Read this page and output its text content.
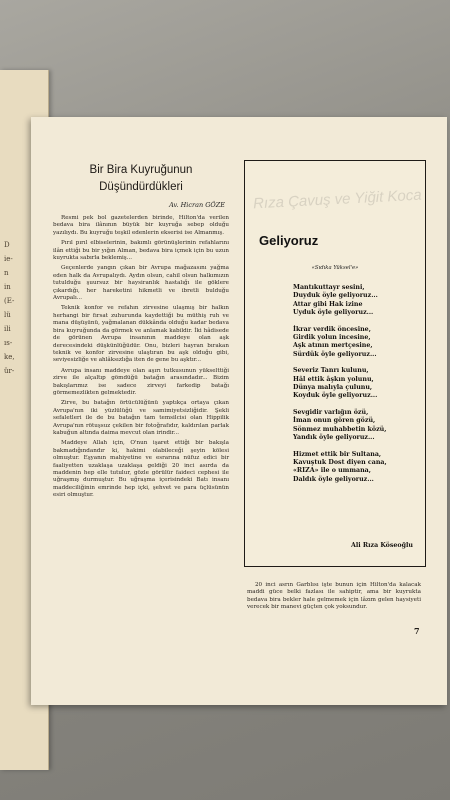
D
ie-
n
in
(E-
lü
ili
ıs-
ke,
ür-

Bir Bira Kuyruğunun

Düşündürdükleri

Av. Hicran GÖZE

Resmi pek bol gazetelerden birinde, Hilton'da verilen bedava bira ilânının büyük bir kuyruğa sebep olduğu yazılıydı. Bu kuyruğu teşkil edenlerin ekserisi ise Almanmış.

Pırıl pırıl elbiselerinin, bakımlı görünüşlerinin refahlarını ilân ettiği bu bir yığın Alman, bedava bira içmek için bu uzun kuyrukta sabırla beklemiş...

Geçenlerde yangın çıkan bir Avrupa mağazasını yağma eden halk da Avrupalıydı. Aydın olsun, cahil olsun halkımızın tutulduğu şuursuz bir haysiranlık hastalığı ile göklere çıkardığı, her hareketini hikmetli ve ibretli bulduğu Avrupalı...

Teknik konfor ve refahın zirvesine ulaşmış bir halkın herhangi bir fırsat zuhurunda kaydettiği bu müthiş ruh ve mana düşüşünü, yağmalanan dükkânda olduğu kadar bedava bira kuyruğunda da görmek ve anlamak kabildir. İki hâdisede de görünen Avrupa insanının maddeye olan aşk derecesindeki düşkünlüğüdür. Onu, bizleri hayran bırakan teknik ve konfor zirvesine ulaştıran bu aşk olduğu gibi, seviyesizliğe ve ahlâksızlığa iten de gene bu aşktır...

Avrupa insanı maddeye olan aşırı tutkusunun yükselttiği zirve ile alçaltıp gömdüğü batağın arasındadır... Bizim bakışlarımız ise sadece zirveyi farkedip batağı görmemezlikten gelmektedir.

Zirve, bu batağın örtücülüğünü yaptıkça ortaya çıkan Avrupa'nın iki yüzlülüğü ve samimiyetsizliğidir. Şekli sefaletleri ile de bu batağın tam temsilcisi olan Hippilik Avrupa'nın rötuşsuz çekilen bir fotoğrafıdır, kaldırılan parlak kabuğun altında daima mevcut olan irindir...

Maddeye Allah için, O'nun işaret ettiği bir bakışla bakmadığındandır ki, hakimi olabileceği şeyin kölesi olmuştur. Eşyanın mahiyetine ve esrarına nüfuz edici bir faaliyetten uzaklaşa uzaklaşa geldiği 20 inci asırda da maddenin hep elle tutulur, gözle görülür faideci cephesi ile uğraşmış durmuştur. Bu uğraşma içerisindeki Batı insanı maddeciliğinin emrinde hep içki, şehvet ve para üçlüsünün esiri olmuştur.

Rıza Çavuş ve Yiğit Koca
Geliyoruz
«Sıdıka Yüksel'e»
Mantıkuttayr sesini,
Duyduk öyle geliyoruz...
Attar gibi Hak izine
Uyduk öyle geliyoruz...
İkrar verdik öncesine,
Girdik yolun incesine,
Aşk atının mertçesine,
Sürdük öyle geliyoruz...
Severiz Tanrı kulunu,
Hâl ettik âşkın yolunu,
Dünya malıyla çulunu,
Koyduk öyle geliyoruz...
Sevgidir varlığın özü,
İman onun gören gözü,
Sönmez muhabbetin közü,
Yandık öyle geliyoruz...
Hizmet ettik bir Sultana,
Kavuştuk Dost diyen cana,
«RIZA» ile o ummana,
Daldık öyle geliyoruz...
Ali Rıza Köseoğlu

20 inci asrın Garblısı işte bunun için Hilton'da kalacak maddi güce belki fazlası ile sahiptir, ama bir kuyrukta bedava bira bekler hale gelmemek için lâzım gelen haysiyeti verecek bir manevi güçten çok yoksundur.

7
